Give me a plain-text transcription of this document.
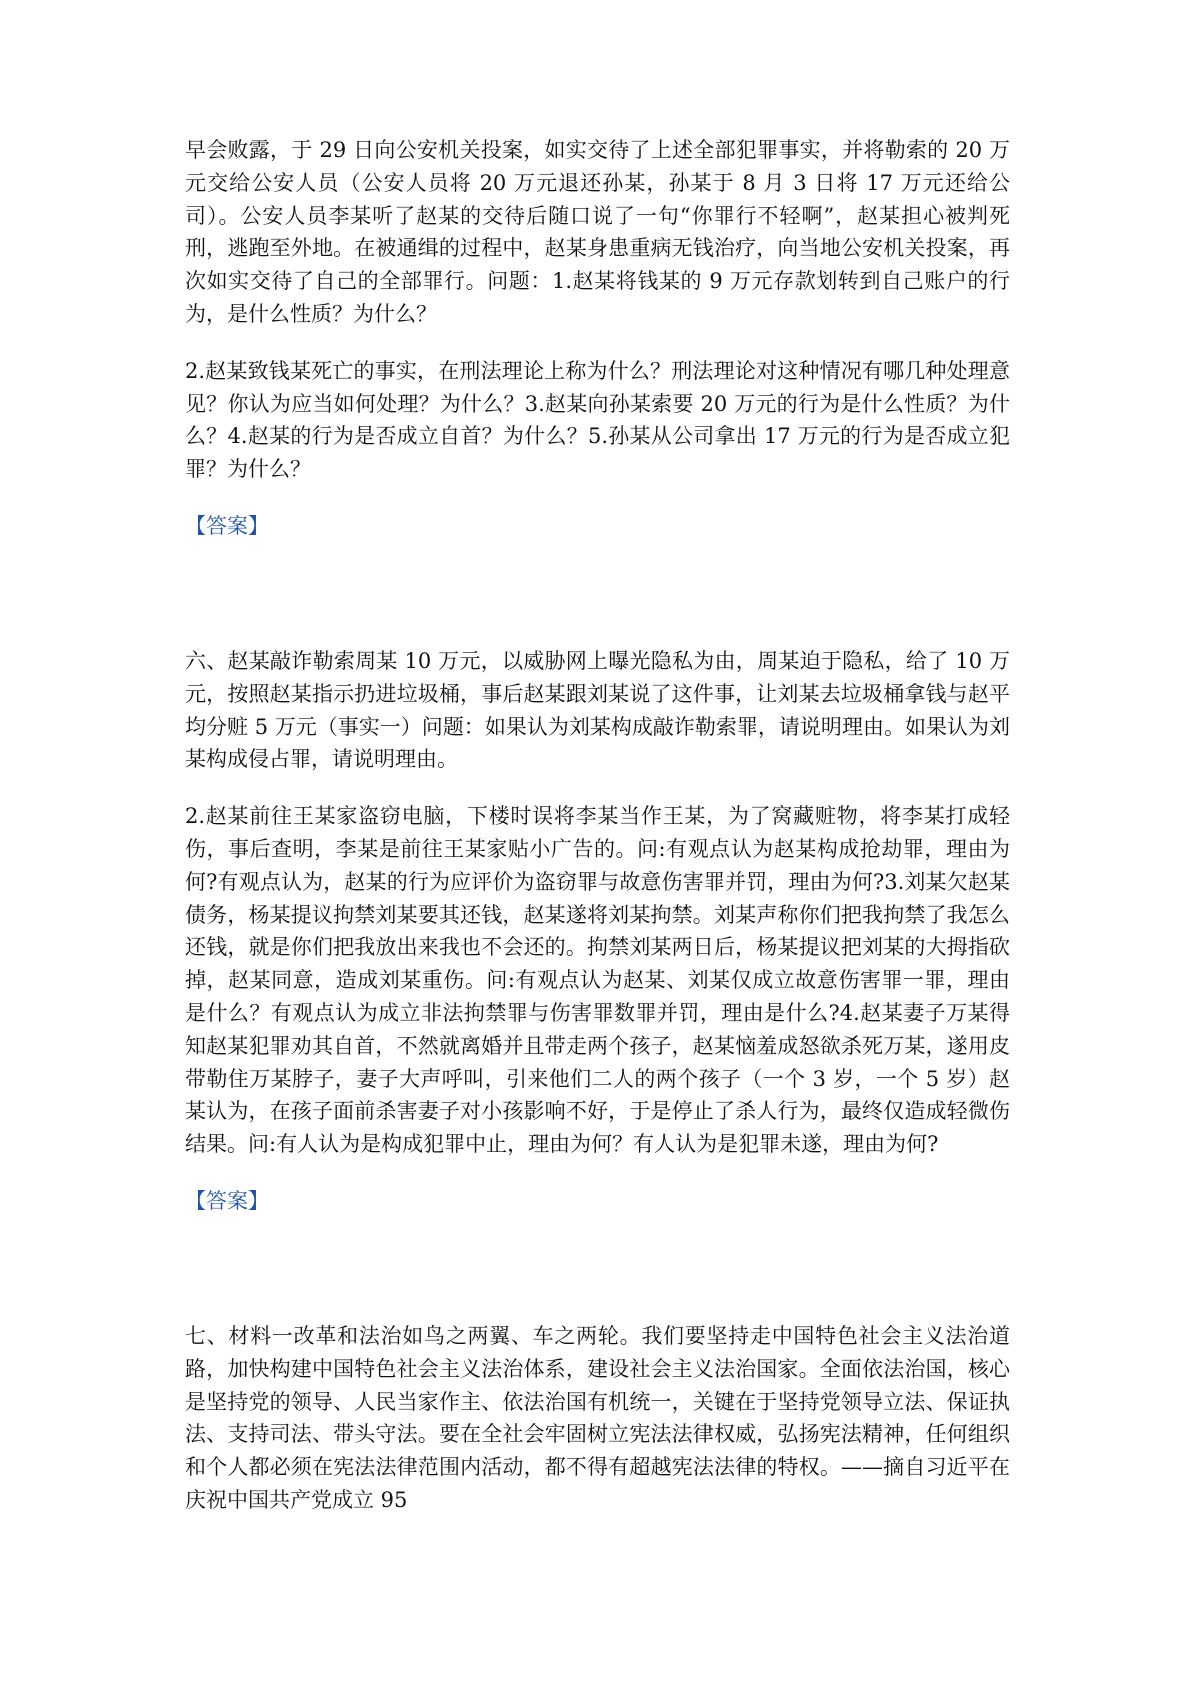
早会败露，于 29 日向公安机关投案，如实交待了上述全部犯罪事实，并将勒索的 20 万元交给公安人员（公安人员将 20 万元退还孙某，孙某于 8 月 3 日将 17 万元还给公司）。公安人员李某听了赵某的交待后随口说了一句“你罪行不轻啊”，赵某担心被判死刑，逃跑至外地。在被通缉的过程中，赵某身患重病无钱治疗，向当地公安机关投案，再次如实交待了自己的全部罪行。问题：1.赵某将钱某的 9 万元存款划转到自己账户的行为，是什么性质？为什么？

2.赵某致钱某死亡的事实，在刑法理论上称为什么？刑法理论对这种情况有哪几种处理意见？你认为应当如何处理？为什么？3.赵某向孙某索要 20 万元的行为是什么性质？为什么？4.赵某的行为是否成立自首？为什么？5.孙某从公司拿出 17 万元的行为是否成立犯罪？为什么？

【答案】

六、赵某敲诈勒索周某 10 万元，以威胁网上曝光隐私为由，周某迫于隐私，给了 10 万元，按照赵某指示扔进垃圾桶，事后赵某跟刘某说了这件事，让刘某去垃圾桶拿钱与赵平均分赃 5 万元（事实一）问题：如果认为刘某构成敲诈勒索罪，请说明理由。如果认为刘某构成侵占罪，请说明理由。

2.赵某前往王某家盗窃电脑，下楼时误将李某当作王某，为了窝藏赃物，将李某打成轻伤，事后查明，李某是前往王某家贴小广告的。问:有观点认为赵某构成抢劫罪，理由为何?有观点认为，赵某的行为应评价为盗窃罪与故意伤害罪并罚，理由为何?3.刘某欠赵某债务，杨某提议拘禁刘某要其还钱，赵某遂将刘某拘禁。刘某声称你们把我拘禁了我怎么还钱，就是你们把我放出来我也不会还的。拘禁刘某两日后，杨某提议把刘某的大拇指砍掉，赵某同意，造成刘某重伤。问:有观点认为赵某、刘某仅成立故意伤害罪一罪，理由是什么？有观点认为成立非法拘禁罪与伤害罪数罪并罚，理由是什么?4.赵某妻子万某得知赵某犯罪劝其自首，不然就离婚并且带走两个孩子，赵某恼羞成怒欲杀死万某，遂用皮带勒住万某脖子，妻子大声呼叫，引来他们二人的两个孩子（一个 3 岁，一个 5 岁）赵某认为，在孩子面前杀害妻子对小孩影响不好，于是停止了杀人行为，最终仅造成轻微伤结果。问:有人认为是构成犯罪中止，理由为何？有人认为是犯罪未遂，理由为何?

【答案】

七、材料一改革和法治如鸟之两翼、车之两轮。我们要坚持走中国特色社会主义法治道路，加快构建中国特色社会主义法治体系，建设社会主义法治国家。全面依法治国，核心是坚持党的领导、人民当家作主、依法治国有机统一，关键在于坚持党领导立法、保证执法、支持司法、带头守法。要在全社会牢固树立宪法法律权威，弘扬宪法精神，任何组织和个人都必须在宪法法律范围内活动，都不得有超越宪法法律的特权。——摘自习近平在庆祝中国共产党成立 95
